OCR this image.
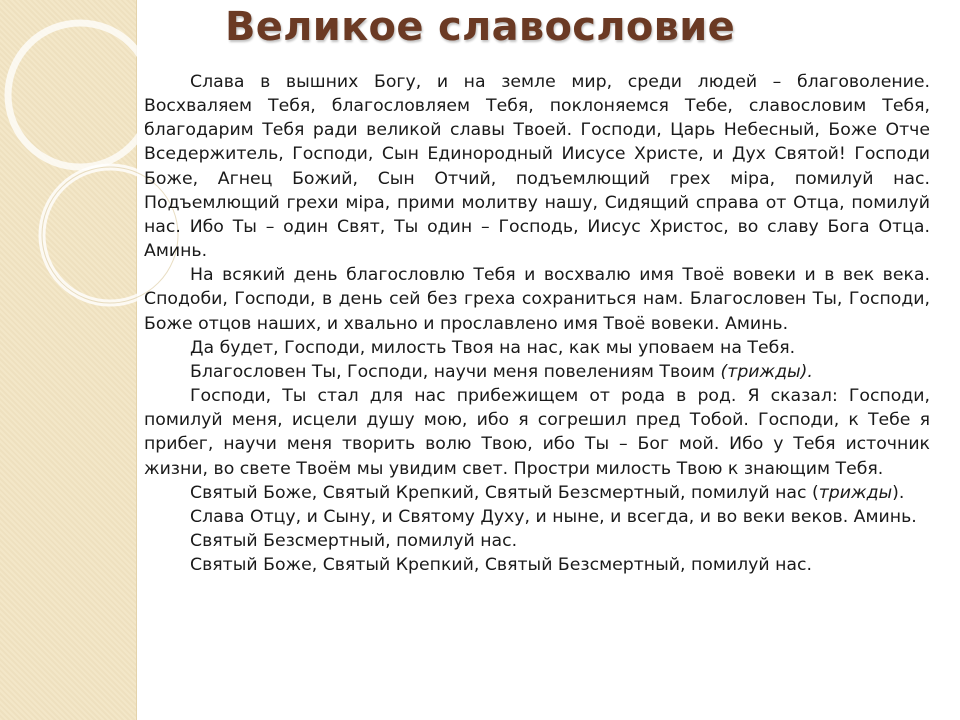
Великое славословие

Слава в вышних Богу, и на земле мир, среди людей – благоволение. Восхваляем Тебя, благословляем Тебя, поклоняемся Тебе, славословим Тебя, благодарим Тебя ради великой славы Твоей. Господи, Царь Небесный, Боже Отче Вседержитель, Господи, Сын Единородный Иисусе Христе, и Дух Святой! Господи Боже, Агнец Божий, Сын Отчий, подъемлющий грех міра, помилуй нас. Подъемлющий грехи міра, прими молитву нашу, Сидящий справа от Отца, помилуй нас. Ибо Ты – один Свят, Ты один – Господь, Иисус Христос, во славу Бога Отца. Аминь.

На всякий день благословлю Тебя и восхвалю имя Твоё вовеки и в век века. Сподоби, Господи, в день сей без греха сохраниться нам. Благословен Ты, Господи, Боже отцов наших, и хвально и прославлено имя Твоё вовеки. Аминь.

Да будет, Господи, милость Твоя на нас, как мы уповаем на Тебя.

Благословен Ты, Господи, научи меня повелениям Твоим (трижды).

Господи, Ты стал для нас прибежищем от рода в род. Я сказал: Господи, помилуй меня, исцели душу мою, ибо я согрешил пред Тобой. Господи, к Тебе я прибег, научи меня творить волю Твою, ибо Ты – Бог мой. Ибо у Тебя источник жизни, во свете Твоём мы увидим свет. Простри милость Твою к знающим Тебя.

Святый Боже, Святый Крепкий, Святый Безсмертный, помилуй нас (трижды).

Слава Отцу, и Сыну, и Святому Духу, и ныне, и всегда, и во веки веков. Аминь.

Святый Безсмертный, помилуй нас.

Святый Боже, Святый Крепкий, Святый Безсмертный, помилуй нас.
